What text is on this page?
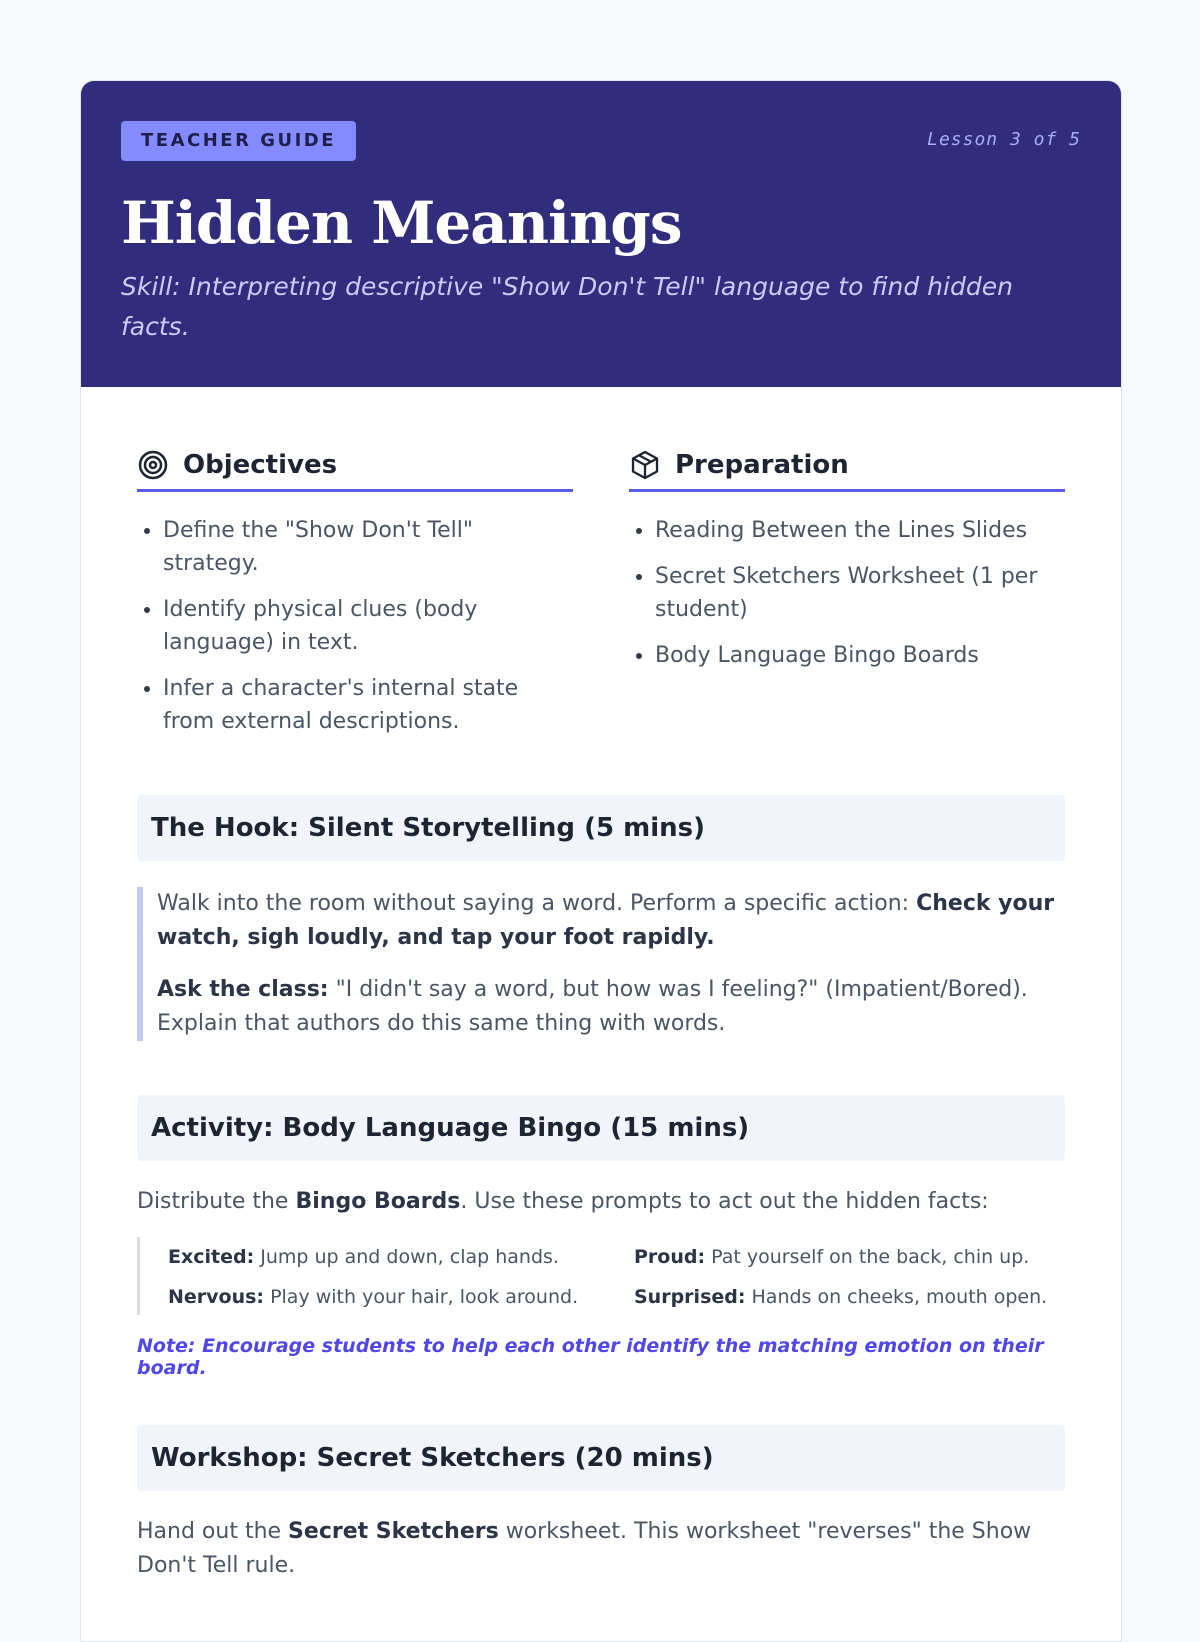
TEACHER GUIDE	Lesson 3 of 5
Hidden Meanings

Skill: Interpreting descriptive "Show Don't Tell" language to find hidden facts.

Objectives
• Define the "Show Don't Tell" strategy.
• Identify physical clues (body language) in text.
• Infer a character's internal state from external descriptions.
Preparation
• Reading Between the Lines Slides
• Secret Sketchers Worksheet (1 per student)
• Body Language Bingo Boards
The Hook: Silent Storytelling (5 mins)

Walk into the room without saying a word. Perform a specific action: Check your watch, sigh loudly, and tap your foot rapidly.

Ask the class: "I didn't say a word, but how was I feeling?" (Impatient/Bored). Explain that authors do this same thing with words.

Activity: Body Language Bingo (15 mins)

Distribute the Bingo Boards. Use these prompts to act out the hidden facts:

Excited: Jump up and down, clap hands.	Proud: Pat yourself on the back, chin up.
Nervous: Play with your hair, look around.	Surprised: Hands on cheeks, mouth open.
Note: Encourage students to help each other identify the matching emotion on their board.
Workshop: Secret Sketchers (20 mins)

Hand out the Secret Sketchers worksheet. This worksheet "reverses" the Show Don't Tell rule.
